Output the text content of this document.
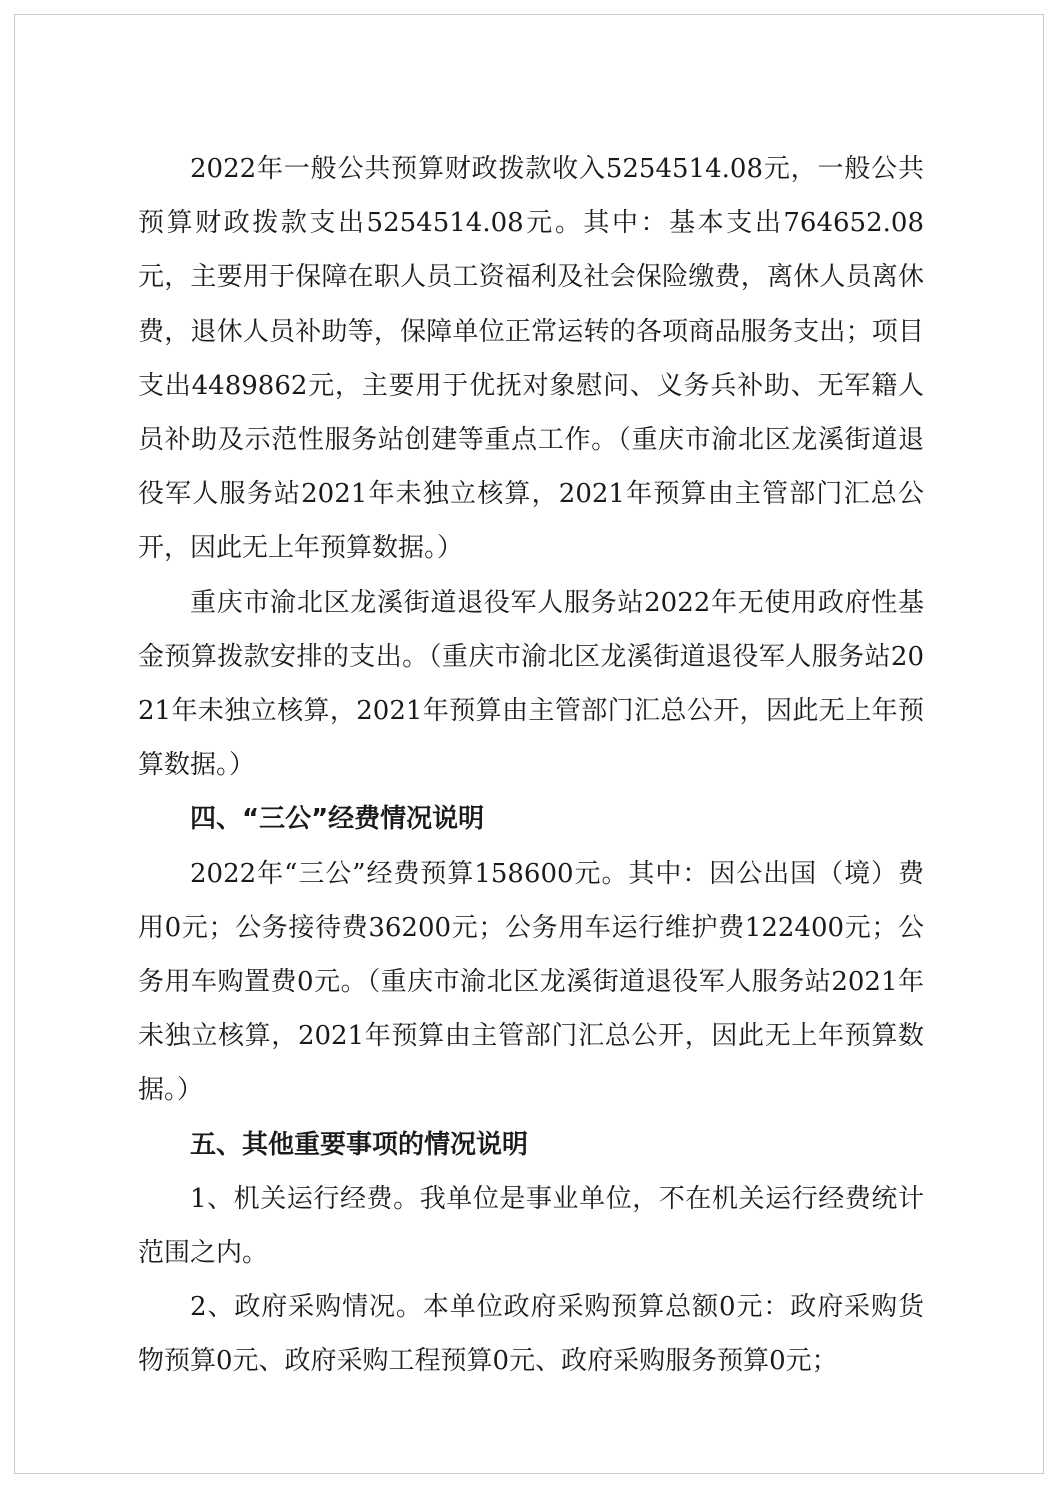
2022年一般公共预算财政拨款收入5254514.08元，一般公共预算财政拨款支出5254514.08元。其中：基本支出764652.08元，主要用于保障在职人员工资福利及社会保险缴费，离休人员离休费，退休人员补助等，保障单位正常运转的各项商品服务支出；项目支出4489862元，主要用于优抚对象慰问、义务兵补助、无军籍人员补助及示范性服务站创建等重点工作。（重庆市渝北区龙溪街道退役军人服务站2021年未独立核算，2021年预算由主管部门汇总公开，因此无上年预算数据。）

重庆市渝北区龙溪街道退役军人服务站2022年无使用政府性基金预算拨款安排的支出。（重庆市渝北区龙溪街道退役军人服务站2021年未独立核算，2021年预算由主管部门汇总公开，因此无上年预算数据。）

四、“三公”经费情况说明

2022年“三公”经费预算158600元。其中：因公出国（境）费用0元；公务接待费36200元；公务用车运行维护费122400元；公务用车购置费0元。（重庆市渝北区龙溪街道退役军人服务站2021年未独立核算，2021年预算由主管部门汇总公开，因此无上年预算数据。）

五、其他重要事项的情况说明

1、机关运行经费。我单位是事业单位，不在机关运行经费统计范围之内。

2、政府采购情况。本单位政府采购预算总额0元：政府采购货物预算0元、政府采购工程预算0元、政府采购服务预算0元；
